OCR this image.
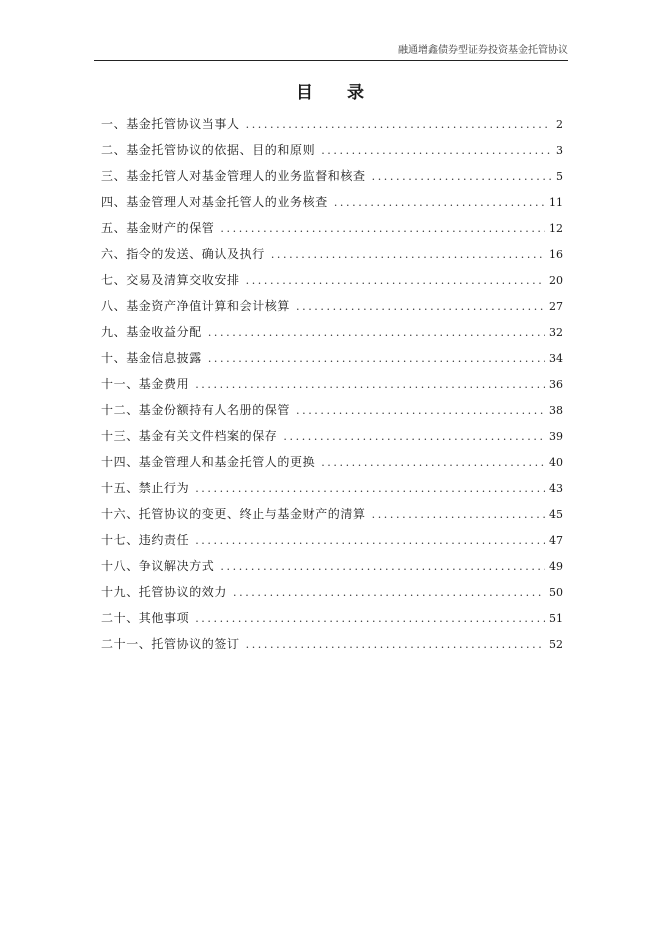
融通增鑫债券型证券投资基金托管协议
目 录
一、基金托管协议当事人 .....	2
二、基金托管协议的依据、目的和原则 .....	3
三、基金托管人对基金管理人的业务监督和核查 .....	5
四、基金管理人对基金托管人的业务核查 .....	11
五、基金财产的保管 .....	12
六、指令的发送、确认及执行 .....	16
七、交易及清算交收安排 .....	20
八、基金资产净值计算和会计核算 .....	27
九、基金收益分配 .....	32
十、基金信息披露 .....	34
十一、基金费用 .....	36
十二、基金份额持有人名册的保管 .....	38
十三、基金有关文件档案的保存 .....	39
十四、基金管理人和基金托管人的更换 .....	40
十五、禁止行为 .....	43
十六、托管协议的变更、终止与基金财产的清算 .....	45
十七、违约责任 .....	47
十八、争议解决方式 .....	49
十九、托管协议的效力 .....	50
二十、其他事项 .....	51
二十一、托管协议的签订 .....	52
